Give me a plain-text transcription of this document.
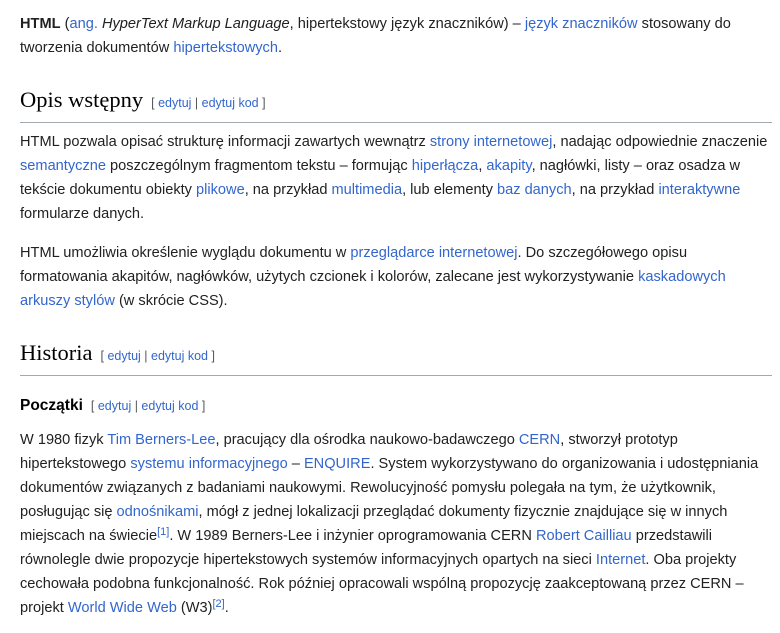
HTML (ang. HyperText Markup Language, hipertekstowy język znaczników) – język znaczników stosowany do tworzenia dokumentów hipertekstowych.

Opis wstępny [ edytuj | edytuj kod ]

HTML pozwala opisać strukturę informacji zawartych wewnątrz strony internetowej, nadając odpowiednie znaczenie semantyczne poszczególnym fragmentom tekstu – formując hiperłącza, akapity, nagłówki, listy – oraz osadza w tekście dokumentu obiekty plikowe, na przykład multimedia, lub elementy baz danych, na przykład interaktywne formularze danych.

HTML umożliwia określenie wyglądu dokumentu w przeglądarce internetowej. Do szczegółowego opisu formatowania akapitów, nagłówków, użytych czcionek i kolorów, zalecane jest wykorzystywanie kaskadowych arkuszy stylów (w skrócie CSS).

Historia [ edytuj | edytuj kod ]
Początki [ edytuj | edytuj kod ]

W 1980 fizyk Tim Berners-Lee, pracujący dla ośrodka naukowo-badawczego CERN, stworzył prototyp hipertekstowego systemu informacyjnego – ENQUIRE. System wykorzystywano do organizowania i udostępniania dokumentów związanych z badaniami naukowymi. Rewolucyjność pomysłu polegała na tym, że użytkownik, posługując się odnośnikami, mógł z jednej lokalizacji przeglądać dokumenty fizycznie znajdujące się w innych miejscach na świecie[1]. W 1989 Berners-Lee i inżynier oprogramowania CERN Robert Cailliau przedstawili równolegle dwie propozycje hipertekstowych systemów informacyjnych opartych na sieci Internet. Oba projekty cechowała podobna funkcjonalność. Rok później opracowali wspólną propozycję zaakceptowaną przez CERN – projekt World Wide Web (W3)[2].
